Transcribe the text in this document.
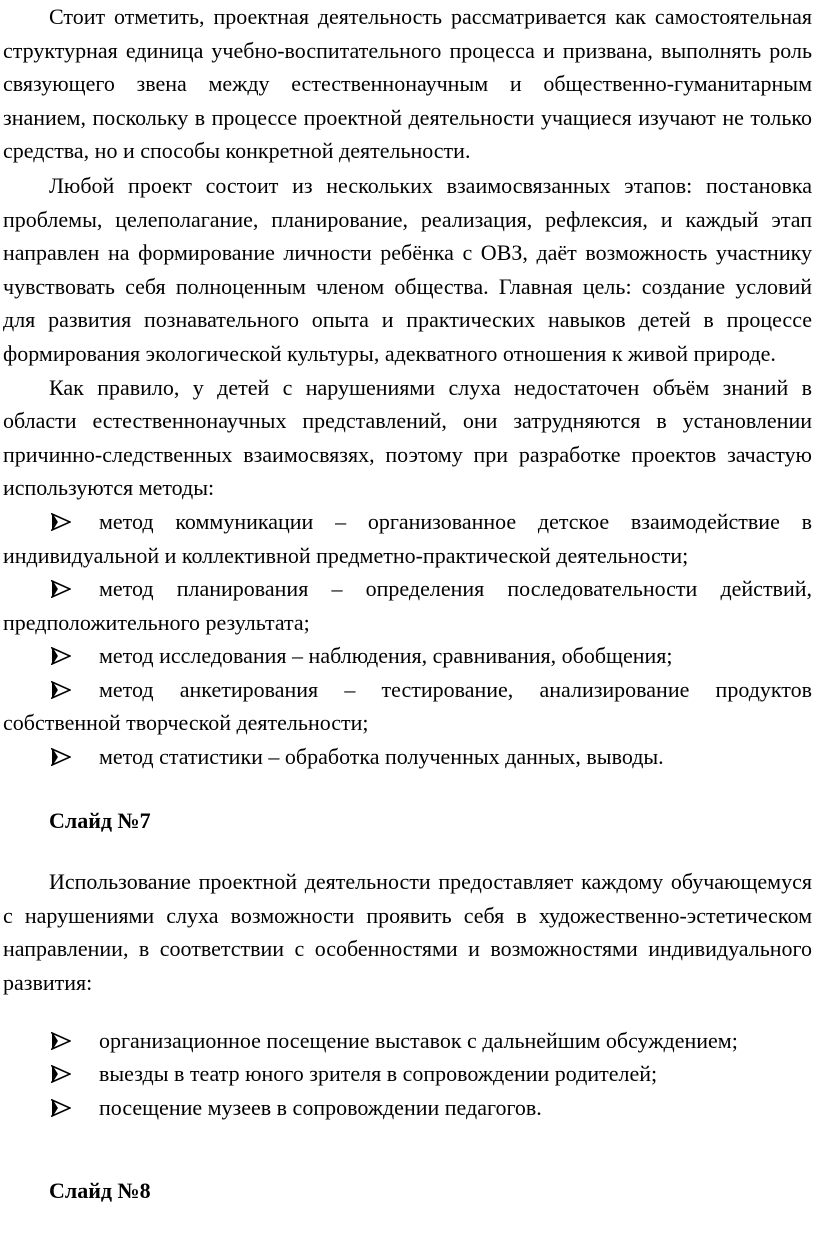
Стоит отметить, проектная деятельность рассматривается как самостоятельная структурная единица учебно-воспитательного процесса и призвана, выполнять роль связующего звена между естественнонаучным и общественно-гуманитарным знанием, поскольку в процессе проектной деятельности учащиеся изучают не только средства, но и способы конкретной деятельности.

Любой проект состоит из нескольких взаимосвязанных этапов: постановка проблемы, целеполагание, планирование, реализация, рефлексия, и каждый этап направлен на формирование личности ребёнка с ОВЗ, даёт возможность участнику чувствовать себя полноценным членом общества. Главная цель: создание условий для развития познавательного опыта и практических навыков детей в процессе формирования экологической культуры, адекватного отношения к живой природе.

Как правило, у детей с нарушениями слуха недостаточен объём знаний в области естественнонаучных представлений, они затрудняются в установлении причинно-следственных взаимосвязях, поэтому при разработке проектов зачастую используются методы:

метод коммуникации – организованное детское взаимодействие в индивидуальной и коллективной предметно-практической деятельности;
метод планирования – определения последовательности действий, предположительного результата;
метод исследования – наблюдения, сравнивания, обобщения;
метод анкетирования – тестирование, анализирование продуктов собственной творческой деятельности;
метод статистики – обработка полученных данных, выводы.
Слайд №7

Использование проектной деятельности предоставляет каждому обучающемуся с нарушениями слуха возможности проявить себя в художественно-эстетическом направлении, в соответствии с особенностями и возможностями индивидуального развития:

организационное посещение выставок с дальнейшим обсуждением;
выезды в театр юного зрителя в сопровождении родителей;
посещение музеев в сопровождении педагогов.
Слайд №8
